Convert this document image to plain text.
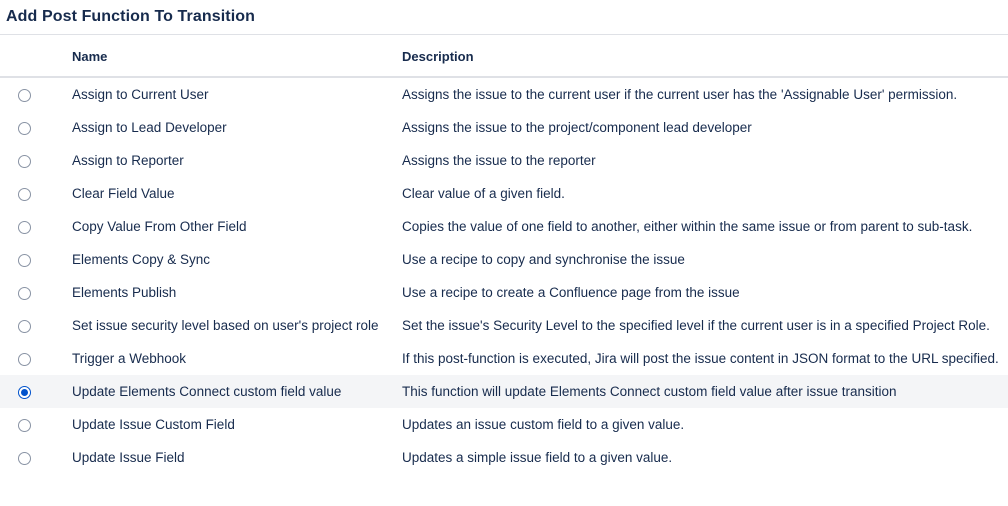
Add Post Function To Transition
	Name	Description
	Assign to Current User	Assigns the issue to the current user if the current user has the 'Assignable User' permission.
	Assign to Lead Developer	Assigns the issue to the project/component lead developer
	Assign to Reporter	Assigns the issue to the reporter
	Clear Field Value	Clear value of a given field.
	Copy Value From Other Field	Copies the value of one field to another, either within the same issue or from parent to sub-task.
	Elements Copy & Sync	Use a recipe to copy and synchronise the issue
	Elements Publish	Use a recipe to create a Confluence page from the issue
	Set issue security level based on user's project role	Set the issue's Security Level to the specified level if the current user is in a specified Project Role.
	Trigger a Webhook	If this post-function is executed, Jira will post the issue content in JSON format to the URL specified.
	Update Elements Connect custom field value	This function will update Elements Connect custom field value after issue transition
	Update Issue Custom Field	Updates an issue custom field to a given value.
	Update Issue Field	Updates a simple issue field to a given value.
